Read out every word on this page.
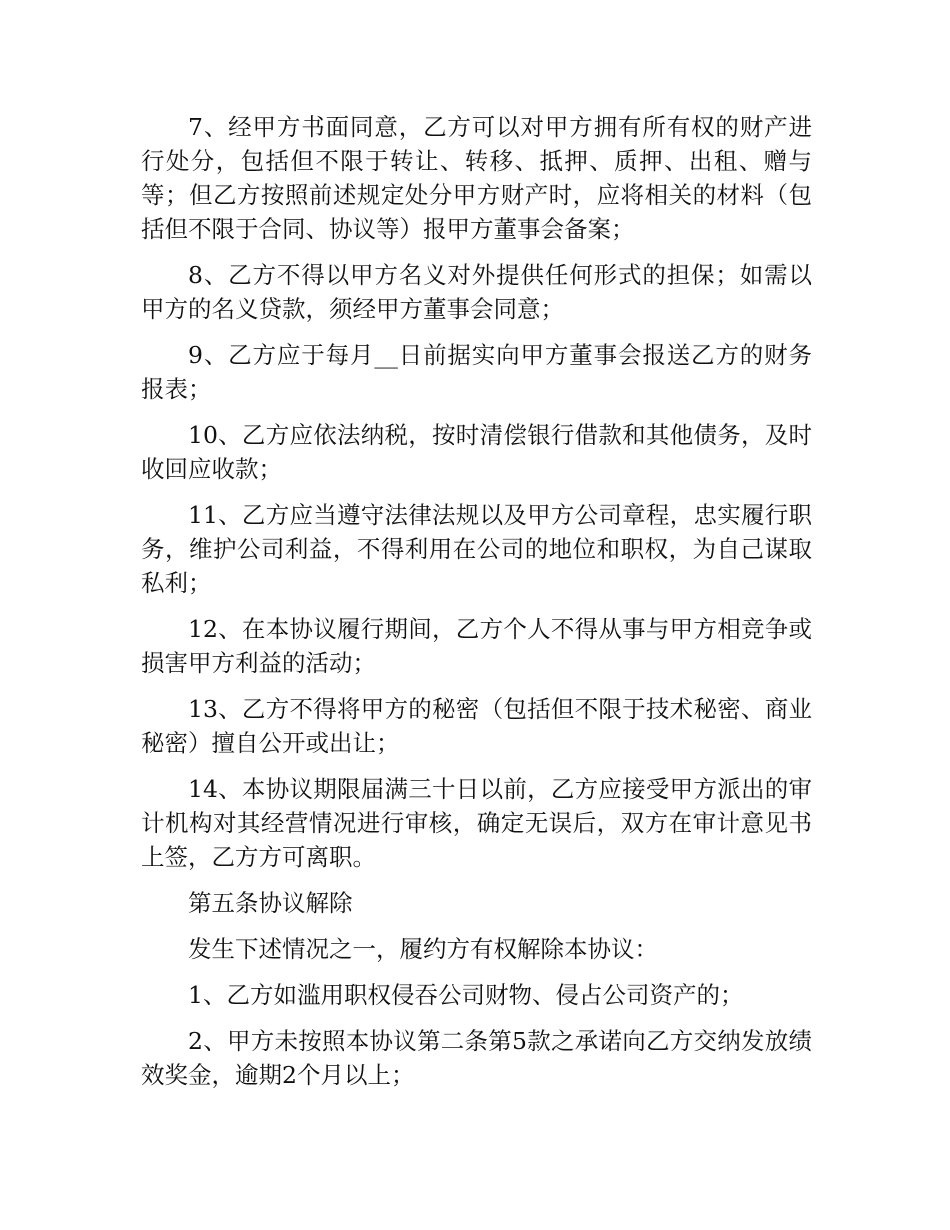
7、经甲方书面同意，乙方可以对甲方拥有所有权的财产进行处分，包括但不限于转让、转移、抵押、质押、出租、赠与等；但乙方按照前述规定处分甲方财产时，应将相关的材料（包括但不限于合同、协议等）报甲方董事会备案；

8、乙方不得以甲方名义对外提供任何形式的担保；如需以甲方的名义贷款，须经甲方董事会同意；

9、乙方应于每月__日前据实向甲方董事会报送乙方的财务报表；

10、乙方应依法纳税，按时清偿银行借款和其他债务，及时收回应收款；

11、乙方应当遵守法律法规以及甲方公司章程，忠实履行职务，维护公司利益，不得利用在公司的地位和职权，为自己谋取私利；

12、在本协议履行期间，乙方个人不得从事与甲方相竞争或损害甲方利益的活动；

13、乙方不得将甲方的秘密（包括但不限于技术秘密、商业秘密）擅自公开或出让；

14、本协议期限届满三十日以前，乙方应接受甲方派出的审计机构对其经营情况进行审核，确定无误后，双方在审计意见书上签，乙方方可离职。

第五条协议解除

发生下述情况之一，履约方有权解除本协议：

1、乙方如滥用职权侵吞公司财物、侵占公司资产的；

2、甲方未按照本协议第二条第5款之承诺向乙方交纳发放绩效奖金，逾期2个月以上；
